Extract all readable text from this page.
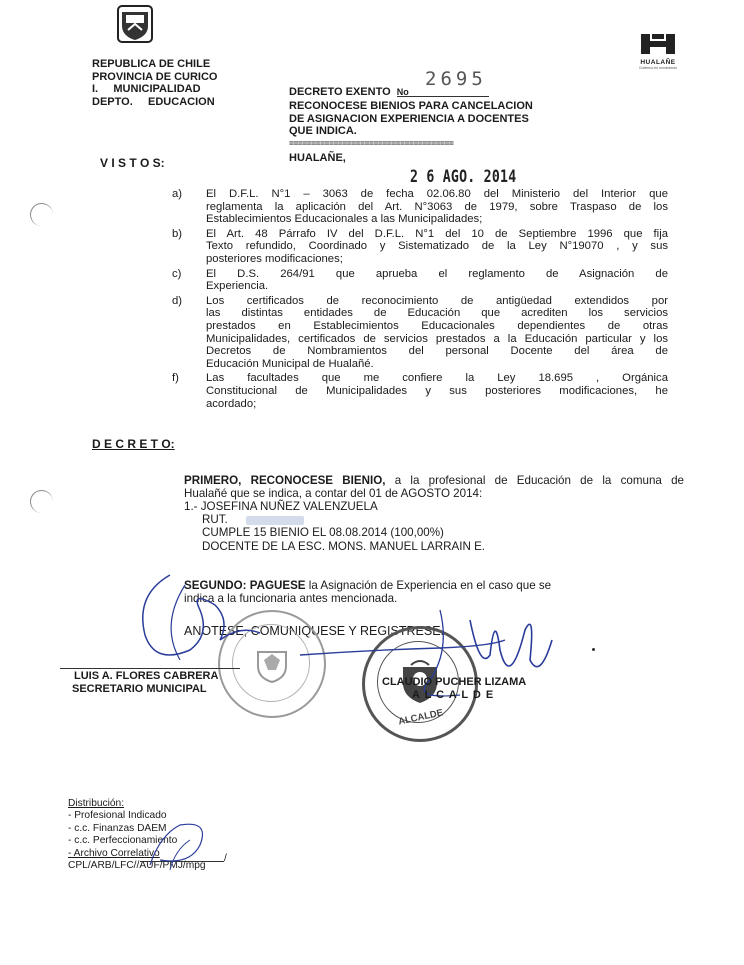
HUALAÑE
Gobierno en movimiento
REPUBLICA DE CHILE
PROVINCIA DE CURICO
I.     MUNICIPALIDAD
DEPTO.     EDUCACION
DECRETO EXENTO $^{No}$
2695
RECONOCESE BIENIOS PARA CANCELACION
DE ASIGNACION EXPERIENCIA A DOCENTES
QUE INDICA.
=====================================
HUALAÑE,
V I S T O S:
2 6 AGO. 2014
a)	El D.F.L. N°1 – 3063 de fecha 02.06.80 del Ministerio del Interior que
reglamenta la aplicación del Art. N°3063 de 1979, sobre Traspaso de los
Establecimientos Educacionales a las Municipalidades;
b)	El Art. 48 Párrafo IV del D.F.L. N°1 del 10 de Septiembre 1996 que fija
Texto refundido, Coordinado y Sistematizado de la Ley N°19070 , y sus
posteriores modificaciones;
c)	El D.S. 264/91 que aprueba el reglamento de Asignación de
Experiencia.
d)	Los certificados de reconocimiento de antigüedad extendidos por
las distintas entidades de Educación que acrediten los servicios
prestados en Establecimientos Educacionales dependientes de otras
Municipalidades, certificados de servicios prestados a la Educación particular y los
Decretos de Nombramientos del personal Docente del área de
Educación Municipal de Hualañé.
f)	Las facultades que me confiere la Ley 18.695 , Orgánica
Constitucional de Municipalidades y sus posteriores modificaciones, he
acordado;
D E C R E T O:
PRIMERO, RECONOCESE BIENIO, a la profesional de Educación de la comuna de
Hualañé que se indica, a contar del 01 de AGOSTO 2014:
1.- JOSEFINA NUÑEZ VALENZUELA
RUT.
CUMPLE 15 BIENIO EL 08.08.2014 (100,00%)
DOCENTE DE LA ESC. MONS. MANUEL LARRAIN E.
SEGUNDO: PAGUESE la Asignación de Experiencia en el caso que se
indica a la funcionaria antes mencionada.
ANOTESE, COMUNIQUESE Y REGISTRESE.
ALCALDE
LUIS A. FLORES CABRERA
SECRETARIO MUNICIPAL
CLAUDIO PUCHER LIZAMA
A L C A L D E
Distribución:
- Profesional Indicado
- c.c. Finanzas DAEM
- c.c. Perfeccionamiento
- Archivo Correlativo
CPL/ARB/LFC//AUF/PMJ/mpg
/
